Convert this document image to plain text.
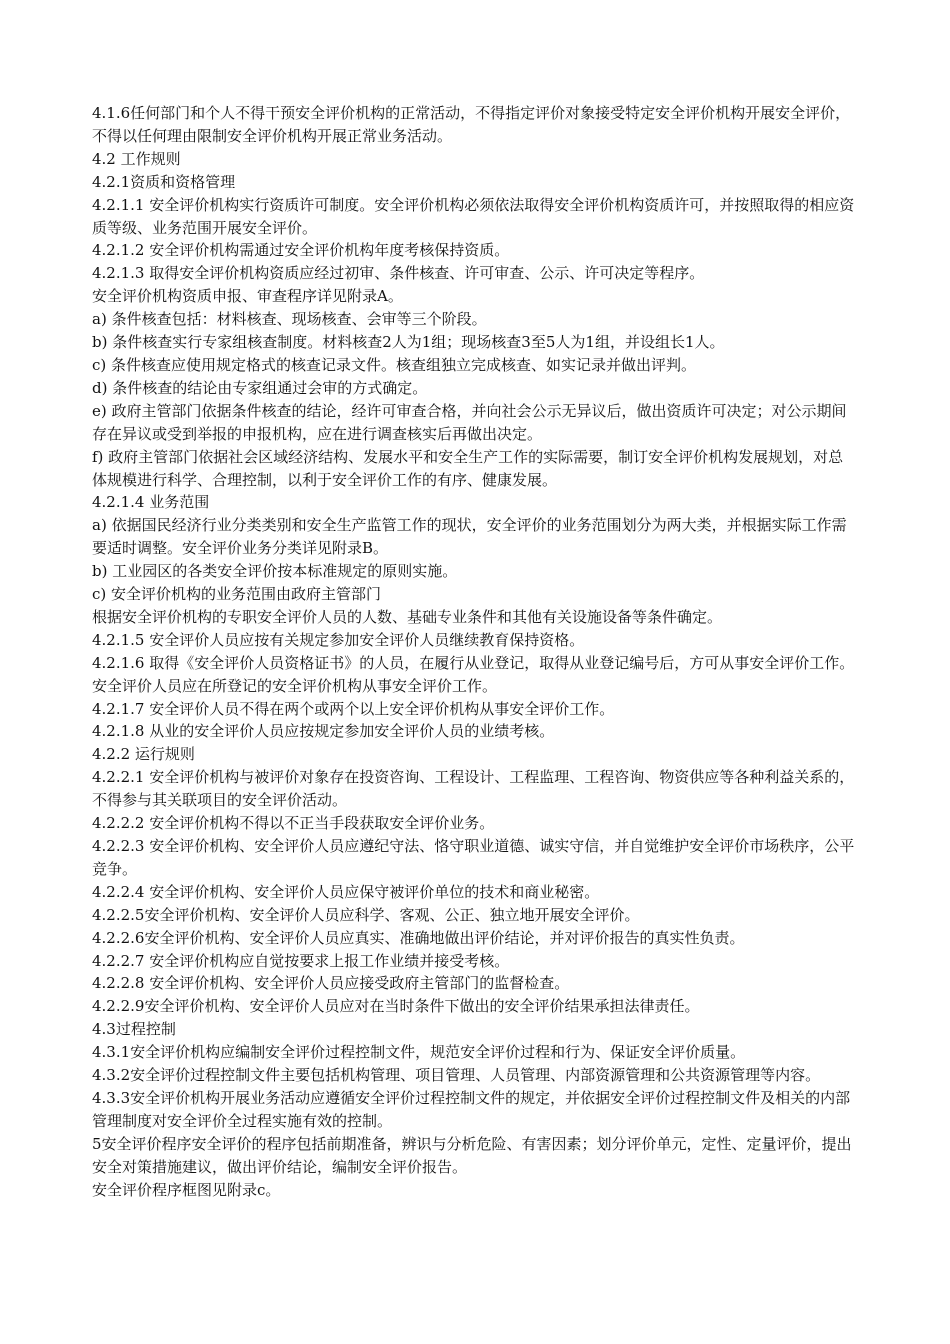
4.1.6任何部门和个人不得干预安全评价机构的正常活动，不得指定评价对象接受特定安全评价机构开展安全评价，不得以任何理由限制安全评价机构开展正常业务活动。

4.2 工作规则

4.2.1资质和资格管理

4.2.1.1 安全评价机构实行资质许可制度。安全评价机构必须依法取得安全评价机构资质许可，并按照取得的相应资质等级、业务范围开展安全评价。

4.2.1.2 安全评价机构需通过安全评价机构年度考核保持资质。

4.2.1.3 取得安全评价机构资质应经过初审、条件核查、许可审查、公示、许可决定等程序。

安全评价机构资质申报、审查程序详见附录A。

a) 条件核查包括：材料核查、现场核查、会审等三个阶段。

b) 条件核查实行专家组核查制度。材料核查2人为1组；现场核查3至5人为1组，并设组长1人。

c) 条件核查应使用规定格式的核查记录文件。核查组独立完成核查、如实记录并做出评判。

d) 条件核查的结论由专家组通过会审的方式确定。

e) 政府主管部门依据条件核查的结论，经许可审查合格，并向社会公示无异议后，做出资质许可决定；对公示期间存在异议或受到举报的申报机构，应在进行调查核实后再做出决定。

f) 政府主管部门依据社会区域经济结构、发展水平和安全生产工作的实际需要，制订安全评价机构发展规划，对总体规模进行科学、合理控制，以利于安全评价工作的有序、健康发展。

4.2.1.4 业务范围

a) 依据国民经济行业分类类别和安全生产监管工作的现状，安全评价的业务范围划分为两大类，并根据实际工作需要适时调整。安全评价业务分类详见附录B。

b) 工业园区的各类安全评价按本标准规定的原则实施。

c) 安全评价机构的业务范围由政府主管部门

根据安全评价机构的专职安全评价人员的人数、基础专业条件和其他有关设施设备等条件确定。

4.2.1.5 安全评价人员应按有关规定参加安全评价人员继续教育保持资格。

4.2.1.6 取得《安全评价人员资格证书》的人员，在履行从业登记，取得从业登记编号后，方可从事安全评价工作。安全评价人员应在所登记的安全评价机构从事安全评价工作。

4.2.1.7 安全评价人员不得在两个或两个以上安全评价机构从事安全评价工作。

4.2.1.8 从业的安全评价人员应按规定参加安全评价人员的业绩考核。

4.2.2 运行规则

4.2.2.1 安全评价机构与被评价对象存在投资咨询、工程设计、工程监理、工程咨询、物资供应等各种利益关系的，不得参与其关联项目的安全评价活动。

4.2.2.2 安全评价机构不得以不正当手段获取安全评价业务。

4.2.2.3 安全评价机构、安全评价人员应遵纪守法、恪守职业道德、诚实守信，并自觉维护安全评价市场秩序，公平竞争。

4.2.2.4 安全评价机构、安全评价人员应保守被评价单位的技术和商业秘密。

4.2.2.5安全评价机构、安全评价人员应科学、客观、公正、独立地开展安全评价。

4.2.2.6安全评价机构、安全评价人员应真实、准确地做出评价结论，并对评价报告的真实性负责。

4.2.2.7 安全评价机构应自觉按要求上报工作业绩并接受考核。

4.2.2.8 安全评价机构、安全评价人员应接受政府主管部门的监督检查。

4.2.2.9安全评价机构、安全评价人员应对在当时条件下做出的安全评价结果承担法律责任。

4.3过程控制

4.3.1安全评价机构应编制安全评价过程控制文件，规范安全评价过程和行为、保证安全评价质量。

4.3.2安全评价过程控制文件主要包括机构管理、项目管理、人员管理、内部资源管理和公共资源管理等内容。

4.3.3安全评价机构开展业务活动应遵循安全评价过程控制文件的规定，并依据安全评价过程控制文件及相关的内部管理制度对安全评价全过程实施有效的控制。

5安全评价程序安全评价的程序包括前期准备，辨识与分析危险、有害因素；划分评价单元，定性、定量评价，提出安全对策措施建议，做出评价结论，编制安全评价报告。

安全评价程序框图见附录c。
